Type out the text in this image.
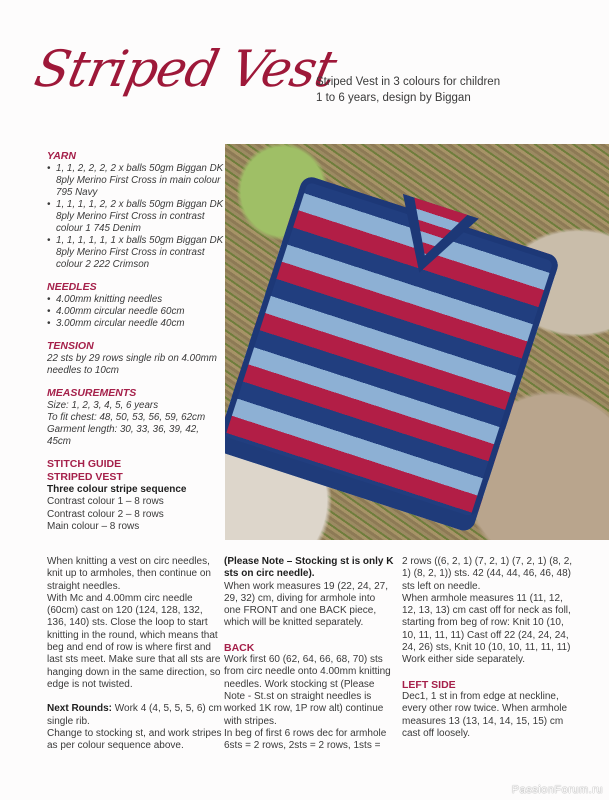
Striped Vest
Striped Vest in 3 colours for children
1 to 6 years, design by Biggan

YARN

• 1, 1, 2, 2, 2, 2 x balls 50gm Biggan DK 8ply Merino First Cross in main colour 795 Navy
• 1, 1, 1, 1, 2, 2 x balls 50gm Biggan DK 8ply Merino First Cross in contrast colour 1 745 Denim
• 1, 1, 1, 1, 1, 1 x balls 50gm Biggan DK 8ply Merino First Cross in contrast colour 2 222 Crimson

NEEDLES

• 4.00mm knitting needles
• 4.00mm circular needle 60cm
• 3.00mm circular needle 40cm

TENSION

22 sts by 29 rows single rib on 4.00mm needles to 10cm

MEASUREMENTS

Size: 1, 2, 3, 4, 5, 6 years
To fit chest: 48, 50, 53, 56, 59, 62cm
Garment length: 30, 33, 36, 39, 42, 45cm

STITCH GUIDE

STRIPED VEST

Three colour stripe sequence
Contrast colour 1 – 8 rows
Contrast colour 2 – 8 rows
Main colour – 8 rows

When knitting a vest on circ needles, knit up to armholes, then continue on straight needles.

With Mc and 4.00mm circ needle (60cm) cast on 120 (124, 128, 132, 136, 140) sts. Close the loop to start knitting in the round, which means that beg and end of row is where first and last sts meet. Make sure that all sts are hanging down in the same direction, so edge is not twisted.

Next Rounds: Work 4 (4, 5, 5, 5, 6) cm single rib.

Change to stocking st, and work stripes as per colour sequence above.

(Please Note – Stocking st is only K sts on circ needle).

When work measures 19 (22, 24, 27, 29, 32) cm, diving for armhole into one FRONT and one BACK piece, which will be knitted separately.

BACK

Work first 60 (62, 64, 66, 68, 70) sts from circ needle onto 4.00mm knitting needles. Work stocking st (Please Note - St.st on straight needles is worked 1K row, 1P row alt) continue with stripes.

In beg of first 6 rows dec for armhole 6sts = 2 rows, 2sts = 2 rows, 1sts =

2 rows ((6, 2, 1) (7, 2, 1) (7, 2, 1) (8, 2, 1) (8, 2, 1)) sts. 42 (44, 44, 46, 46, 48) sts left on needle.

When armhole measures 11 (11, 12, 12, 13, 13) cm cast off for neck as foll, starting from beg of row: Knit 10 (10, 10, 11, 11, 11) Cast off 22 (24, 24, 24, 24, 26) sts, Knit 10 (10, 10, 11, 11, 11)

Work either side separately.

LEFT SIDE

Dec1, 1 st in from edge at neckline, every other row twice. When armhole measures 13 (13, 14, 14, 15, 15) cm cast off loosely.

PassionForum.ru
